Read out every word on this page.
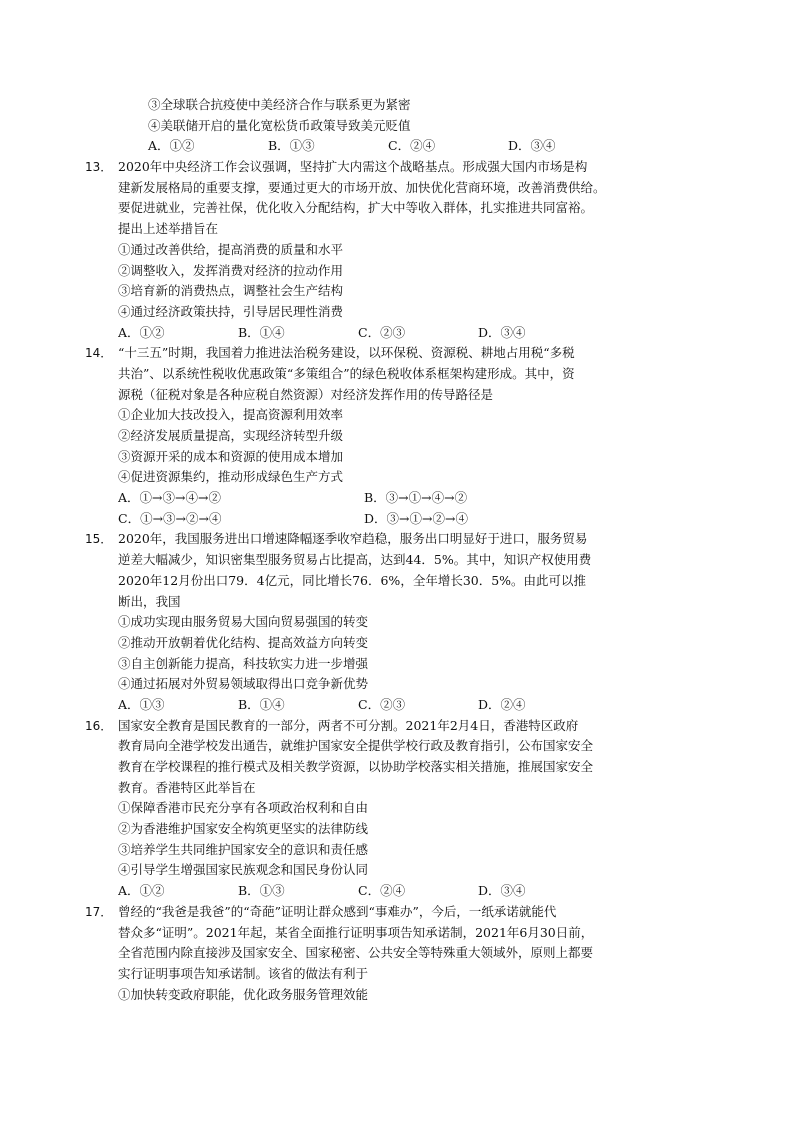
③全球联合抗疫使中美经济合作与联系更为紧密
④美联储开启的量化宽松货币政策导致美元贬值
A．①②	B．①③	C．②④	D．③④
13． 2020年中央经济工作会议强调，坚持扩大内需这个战略基点。形成强大国内市场是构
建新发展格局的重要支撑，要通过更大的市场开放、加快优化营商环境，改善消费供给。
要促进就业，完善社保，优化收入分配结构，扩大中等收入群体，扎实推进共同富裕。
提出上述举措旨在
①通过改善供给，提高消费的质量和水平
②调整收入，发挥消费对经济的拉动作用
③培育新的消费热点，调整社会生产结构
④通过经济政策扶持，引导居民理性消费
A．①②	B．①④	C．②③	D．③④
14． “十三五”时期，我国着力推进法治税务建设，以环保税、资源税、耕地占用税“多税
共治”、以系统性税收优惠政策“多策组合”的绿色税收体系框架构建形成。其中，资
源税（征税对象是各种应税自然资源）对经济发挥作用的传导路径是
①企业加大技改投入，提高资源利用效率
②经济发展质量提高，实现经济转型升级
③资源开采的成本和资源的使用成本增加
④促进资源集约，推动形成绿色生产方式
A．①→③→④→②	B．③→①→④→②
C．①→③→②→④	D．③→①→②→④
15． 2020年，我国服务进出口增速降幅逐季收窄趋稳，服务出口明显好于进口，服务贸易
逆差大幅减少，知识密集型服务贸易占比提高，达到44．5%。其中，知识产权使用费
2020年12月份出口79．4亿元，同比增长76．6%，全年增长30．5%。由此可以推
断出，我国
①成功实现由服务贸易大国向贸易强国的转变
②推动开放朝着优化结构、提高效益方向转变
③自主创新能力提高，科技软实力进一步增强
④通过拓展对外贸易领域取得出口竞争新优势
A．①③	B．①④	C．②③	D．②④
16． 国家安全教育是国民教育的一部分，两者不可分割。2021年2月4日，香港特区政府
教育局向全港学校发出通告，就维护国家安全提供学校行政及教育指引，公布国家安全
教育在学校课程的推行模式及相关教学资源，以协助学校落实相关措施，推展国家安全
教育。香港特区此举旨在
①保障香港市民充分享有各项政治权利和自由
②为香港维护国家安全构筑更坚实的法律防线
③培养学生共同维护国家安全的意识和责任感
④引导学生增强国家民族观念和国民身份认同
A．①②	B．①③	C．②④	D．③④
17． 曾经的“我爸是我爸”的“奇葩”证明让群众感到“事难办”，今后，一纸承诺就能代
替众多“证明”。2021年起，某省全面推行证明事项告知承诺制，2021年6月30日前，
全省范围内除直接涉及国家安全、国家秘密、公共安全等特殊重大领域外，原则上都要
实行证明事项告知承诺制。该省的做法有利于
①加快转变政府职能，优化政务服务管理效能
